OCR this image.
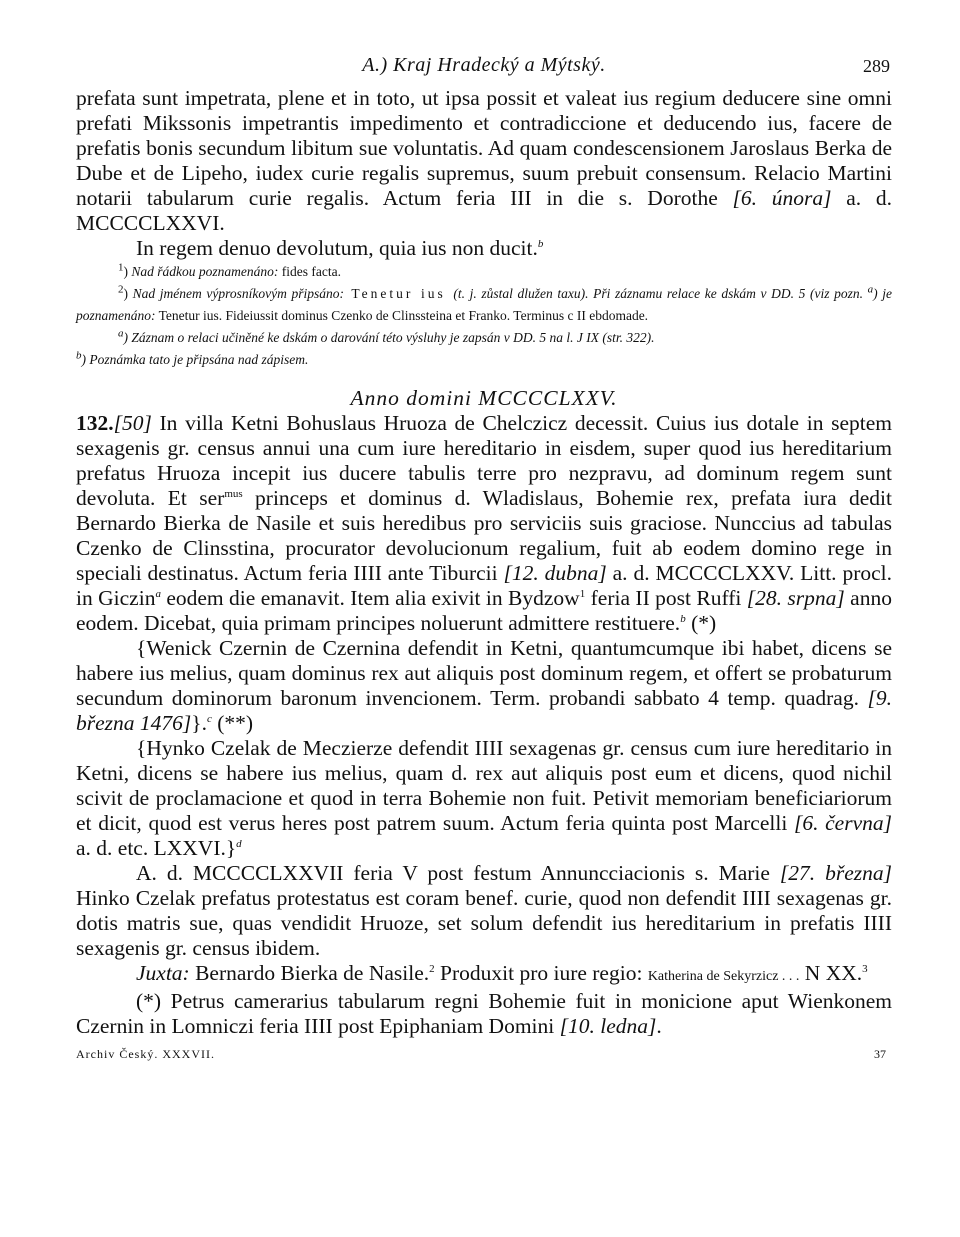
A.) Kraj Hradecký a Mýtský.	289

prefata sunt impetrata, plene et in toto, ut ipsa possit et valeat ius regium deducere sine omni prefati Mikssonis impetrantis impedimento et contradiccione et deducendo ius, facere de prefatis bonis secundum libitum sue voluntatis. Ad quam condescensionem Jaroslaus Berka de Dube et de Lipeho, iudex curie regalis supremus, suum prebuit consensum. Relacio Martini notarii tabularum curie regalis. Actum feria III in die s. Dorothe [6. února] a. d. MCCCCLXXVI.

In regem denuo devolutum, quia ius non ducit.$^b$

$^1$) Nad řádkou poznamenáno: fides facta.

$^2$) Nad jménem výprosníkovým připsáno: Tenetur ius (t. j. zůstal dlužen taxu). Při záznamu relace ke dskám v DD. 5 (viz pozn. $^a$) je poznamenáno: Tenetur ius. Fideiussit dominus Czenko de Clinssteina et Franko. Terminus c II ebdomade.

$^a$) Záznam o relaci učiněné ke dskám o darování této výsluhy je zapsán v DD. 5 na l. J IX (str. 322).

$^b$) Poznámka tato je připsána nad zápisem.

Anno domini MCCCCLXXV.

132.[50] In villa Ketni Bohuslaus Hruoza de Chelczicz decessit. Cuius ius dotale in septem sexagenis gr. census annui una cum iure hereditario in eisdem, super quod ius hereditarium prefatus Hruoza incepit ius ducere tabulis terre pro nezpravu, ad dominum regem sunt devoluta. Et ser$^{mus}$ princeps et dominus d. Wladislaus, Bohemie rex, prefata iura dedit Bernardo Bierka de Nasile et suis heredibus pro serviciis suis graciose. Nunccius ad tabulas Czenko de Clinsstina, procurator devolucionum regalium, fuit ab eodem domino rege in speciali destinatus. Actum feria IIII ante Tiburcii [12. dubna] a. d. MCCCCLXXV. Litt. procl. in Giczin$^a$ eodem die emanavit. Item alia exivit in Bydzow$^1$ feria II post Ruffi [28. srpna] anno eodem. Dicebat, quia primam principes noluerunt admittere restituere.$^b$ (*)

{Wenick Czernin de Czernina defendit in Ketni, quantumcumque ibi habet, dicens se habere ius melius, quam dominus rex aut aliquis post dominum regem, et offert se probaturum secundum dominorum baronum invencionem. Term. probandi sabbato 4 temp. quadrag. [9. března 1476]}.$^c$ (**)

{Hynko Czelak de Meczierze defendit IIII sexagenas gr. census cum iure hereditario in Ketni, dicens se habere ius melius, quam d. rex aut aliquis post eum et dicens, quod nichil scivit de proclamacione et quod in terra Bohemie non fuit. Petivit memoriam beneficiariorum et dicit, quod est verus heres post patrem suum. Actum feria quinta post Marcelli [6. června] a. d. etc. LXXVI.}$^d$

A. d. MCCCCLXXVII feria V post festum Annuncciacionis s. Marie [27. března] Hinko Czelak prefatus protestatus est coram benef. curie, quod non defendit IIII sexagenas gr. dotis matris sue, quas vendidit Hruoze, set solum defendit ius hereditarium in prefatis IIII sexagenis gr. census ibidem.

Juxta: Bernardo Bierka de Nasile.$^2$ Produxit pro iure regio: Katherina de Sekyrzicz . . . N XX.$^3$

(*) Petrus camerarius tabularum regni Bohemie fuit in monicione aput Wienkonem Czernin in Lomniczi feria IIII post Epiphaniam Domini [10. ledna].

Archiv Český. XXXVII.	37
